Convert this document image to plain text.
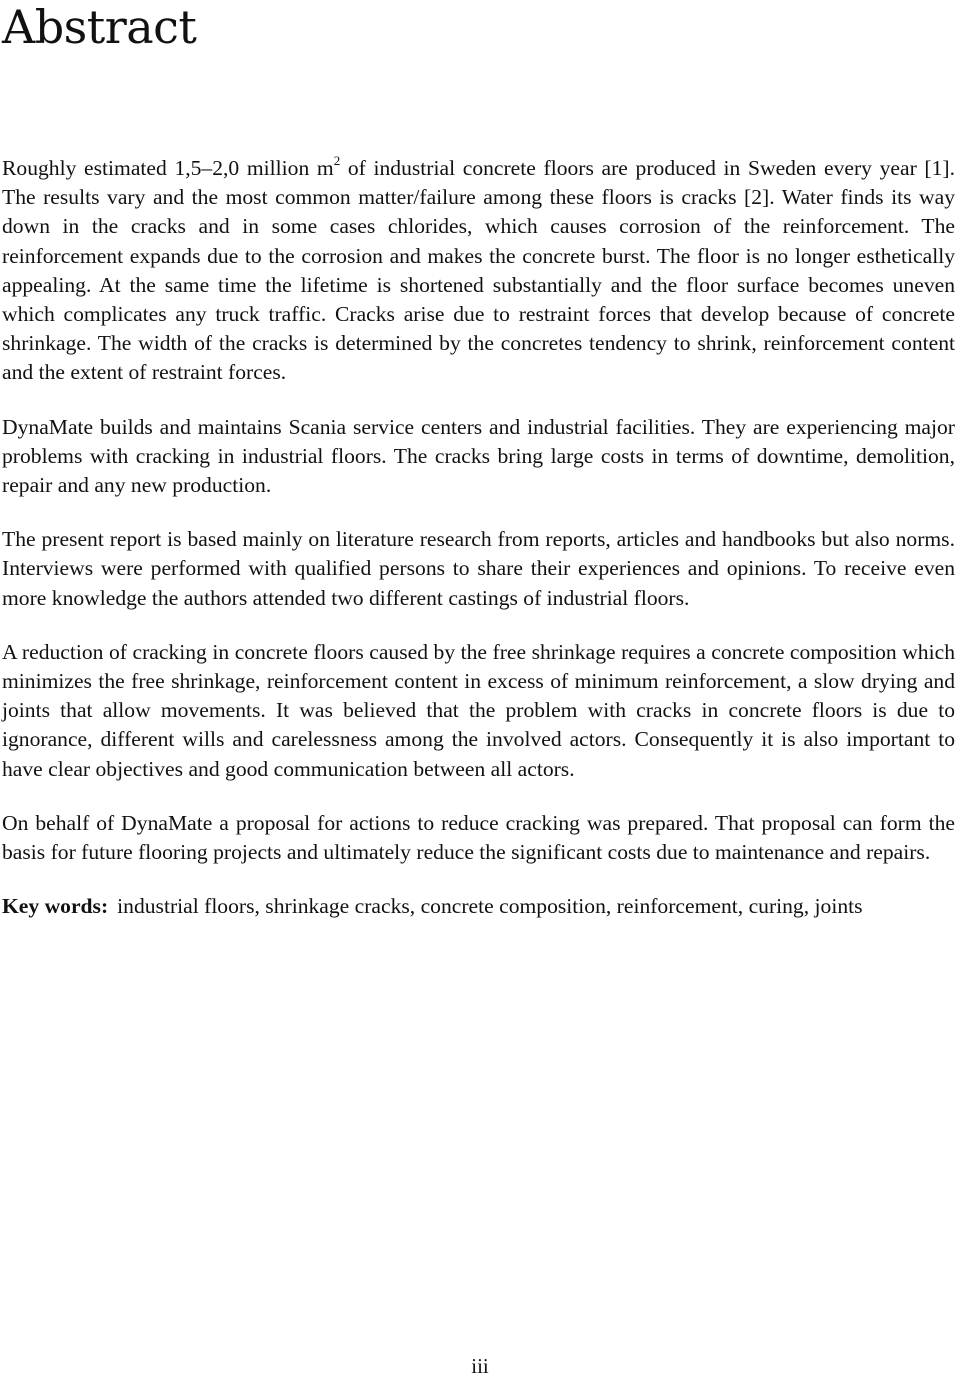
Abstract

Roughly estimated 1,5–2,0 million $m^2$ of industrial concrete floors are produced in Sweden every year [1]. The results vary and the most common matter/failure among these floors is cracks [2]. Water finds its way down in the cracks and in some cases chlorides, which causes corrosion of the reinforcement. The reinforcement expands due to the corrosion and makes the concrete burst. The floor is no longer esthetically appealing. At the same time the lifetime is shortened substantially and the floor surface becomes uneven which complicates any truck traffic. Cracks arise due to restraint forces that develop because of concrete shrinkage. The width of the cracks is determined by the concretes tendency to shrink, reinforcement content and the extent of restraint forces.

DynaMate builds and maintains Scania service centers and industrial facilities. They are experiencing major problems with cracking in industrial floors. The cracks bring large costs in terms of downtime, demolition, repair and any new production.

The present report is based mainly on literature research from reports, articles and handbooks but also norms. Interviews were performed with qualified persons to share their experiences and opinions. To receive even more knowledge the authors attended two different castings of industrial floors.

A reduction of cracking in concrete floors caused by the free shrinkage requires a concrete composition which minimizes the free shrinkage, reinforcement content in excess of minimum reinforcement, a slow drying and joints that allow movements. It was believed that the problem with cracks in concrete floors is due to ignorance, different wills and carelessness among the involved actors. Consequently it is also important to have clear objectives and good communication between all actors.

On behalf of DynaMate a proposal for actions to reduce cracking was prepared. That proposal can form the basis for future flooring projects and ultimately reduce the significant costs due to maintenance and repairs.

Key words: industrial floors, shrinkage cracks, concrete composition, reinforcement, curing, joints
iii
